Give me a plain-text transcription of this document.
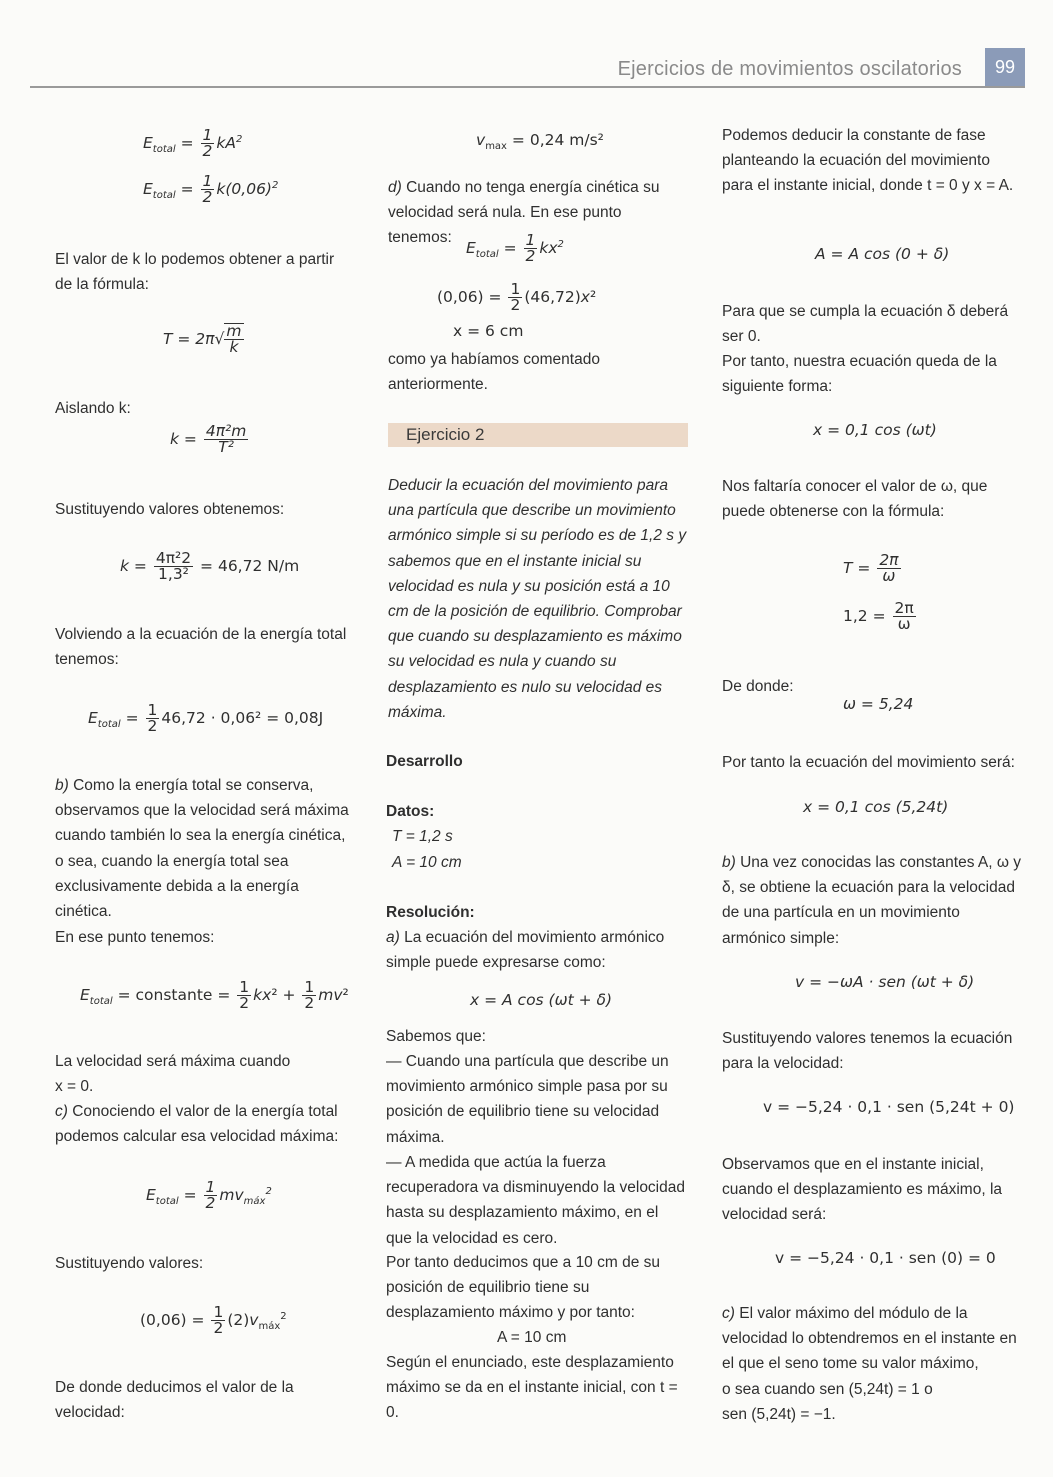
Ejercicios de movimientos oscilatorios	99
$E_{total} = \frac{1}{2} kA^2$
$E_{total} = \frac{1}{2} k(0,06)^2$
El valor de k lo podemos obtener a partir de la fórmula:
$T = 2\pi√ \frac{m}{k}$
Aislando k:
$k = \frac{\text{4π²m}}{\text{T²}}$
Sustituyendo valores obtenemos:
$k = \frac{\text{4π²2}}{\text{1,3²}} = 46,72$ N/m
Volviendo a la ecuación de la energía total tenemos:
$E_{total} = \frac{1}{2} 46,72 \cdot 0,06^2 = 0,08J$
b) Como la energía total se conserva, observamos que la velocidad será máxima cuando también lo sea la energía cinética, o sea, cuando la energía total sea exclusivamente debida a la energía cinética.
En ese punto tenemos:
$E_{total}$ = constante = $\frac{1}{2} kx^2 + \frac{1}{2} mv^2$
La velocidad será máxima cuando
x = 0.
c) Conociendo el valor de la energía total podemos calcular esa velocidad máxima:
$E_{total} = \frac{1}{2} mv_{máx}^2$
Sustituyendo valores:
$(0,06) = \frac{1}{2} (2)v_{máx}^2$
De donde deducimos el valor de la velocidad:
$v_{max} = 0,24$ m/s²
d) Cuando no tenga energía cinética su velocidad será nula. En ese punto tenemos:
$E_{total} = \frac{1}{2} kx^2$
$(0,06) = \frac{1}{2} (46,72)x^2$
x = 6 cm
como ya habíamos comentado anteriormente.
Ejercicio 2
Deducir la ecuación del movimiento para una partícula que describe un movimiento armónico simple si su período es de 1,2 s y sabemos que en el instante inicial su velocidad es nula y su posición está a 10 cm de la posición de equilibrio. Comprobar que cuando su desplazamiento es máximo su velocidad es nula y cuando su desplazamiento es nulo su velocidad es máxima.
Desarrollo
Datos:
T = 1,2 s
A = 10 cm
Resolución:
a) La ecuación del movimiento armónico simple puede expresarse como:
x = A cos (ωt + δ)
Sabemos que:
— Cuando una partícula que describe un movimiento armónico simple pasa por su posición de equilibrio tiene su velocidad máxima.
— A medida que actúa la fuerza recuperadora va disminuyendo la velocidad hasta su desplazamiento máximo, en el que la velocidad es cero.
Por tanto deducimos que a 10 cm de su posición de equilibrio tiene su desplazamiento máximo y por tanto:
A = 10 cm
Según el enunciado, este desplazamiento máximo se da en el instante inicial, con t = 0.
Podemos deducir la constante de fase planteando la ecuación del movimiento para el instante inicial, donde t = 0 y x = A.
A = A cos (0 + δ)
Para que se cumpla la ecuación δ deberá ser 0.
Por tanto, nuestra ecuación queda de la siguiente forma:
x = 0,1 cos (ωt)
Nos faltaría conocer el valor de ω, que puede obtenerse con la fórmula:
$T = \frac{2\pi}{\omega}$
$1,2 = \frac{2\pi}{\omega}$
De donde:
ω = 5,24
Por tanto la ecuación del movimiento será:
x = 0,1 cos (5,24t)
b) Una vez conocidas las constantes A, ω y δ, se obtiene la ecuación para la velocidad de una partícula en un movimiento armónico simple:
v = −ωA · sen (ωt + δ)
Sustituyendo valores tenemos la ecuación para la velocidad:
v = −5,24 · 0,1 · sen (5,24t + 0)
Observamos que en el instante inicial, cuando el desplazamiento es máximo, la velocidad será:
v = −5,24 · 0,1 · sen (0) = 0
c) El valor máximo del módulo de la velocidad lo obtendremos en el instante en el que el seno tome su valor máximo,
o sea cuando sen (5,24t) = 1 o
sen (5,24t) = −1.
